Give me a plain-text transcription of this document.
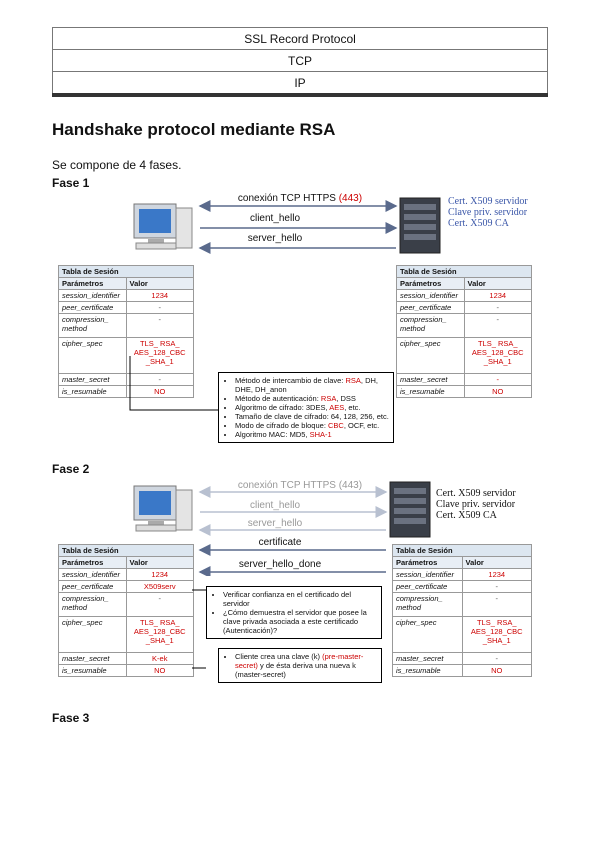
SSL Record Protocol
TCP
IP
Handshake protocol mediante RSA
Se compone de 4 fases.
Fase 1
conexión TCP HTTPS (443)
client_hello
server_hello
Cert. X509 servidor
Clave priv. servidor
Cert. X509 CA
Tabla de Sesión	
Parámetros	Valor
session_identifier	1234
peer_certificate	-
compression_ method	-
cipher_spec	TLS_ RSA_ AES_128_CBC _SHA_1
master_secret	-
is_resumable	NO
Tabla de Sesión	
Parámetros	Valor
session_identifier	1234
peer_certificate	-
compression_ method	-
cipher_spec	TLS_ RSA_ AES_128_CBC _SHA_1
master_secret	-
is_resumable	NO
• Método de intercambio de clave: RSA, DH, DHE, DH_anon
• Método de autenticación: RSA, DSS
• Algoritmo de cifrado: 3DES, AES, etc.
• Tamaño de clave de cifrado: 64, 128, 256, etc.
• Modo de cifrado de bloque: CBC, OCF, etc.
• Algoritmo MAC: MD5, SHA-1
Fase 2
conexión TCP HTTPS (443)
client_hello
server_hello
certificate
server_hello_done
Cert. X509 servidor
Clave priv. servidor
Cert. X509 CA
Tabla de Sesión	
Parámetros	Valor
session_identifier	1234
peer_certificate	X509serv
compression_ method	-
cipher_spec	TLS_ RSA_ AES_128_CBC _SHA_1
master_secret	K-ek
is_resumable	NO
Tabla de Sesión	
Parámetros	Valor
session_identifier	1234
peer_certificate	-
compression_ method	-
cipher_spec	TLS_ RSA_ AES_128_CBC _SHA_1
master_secret	-
is_resumable	NO
• Verificar confianza en el certificado del servidor
• ¿Cómo demuestra el servidor que posee la clave privada asociada a este certificado (Autenticación)?
• Cliente crea una clave (k) (pre-master-secret) y de ésta deriva una nueva k (master-secret)
Fase 3
